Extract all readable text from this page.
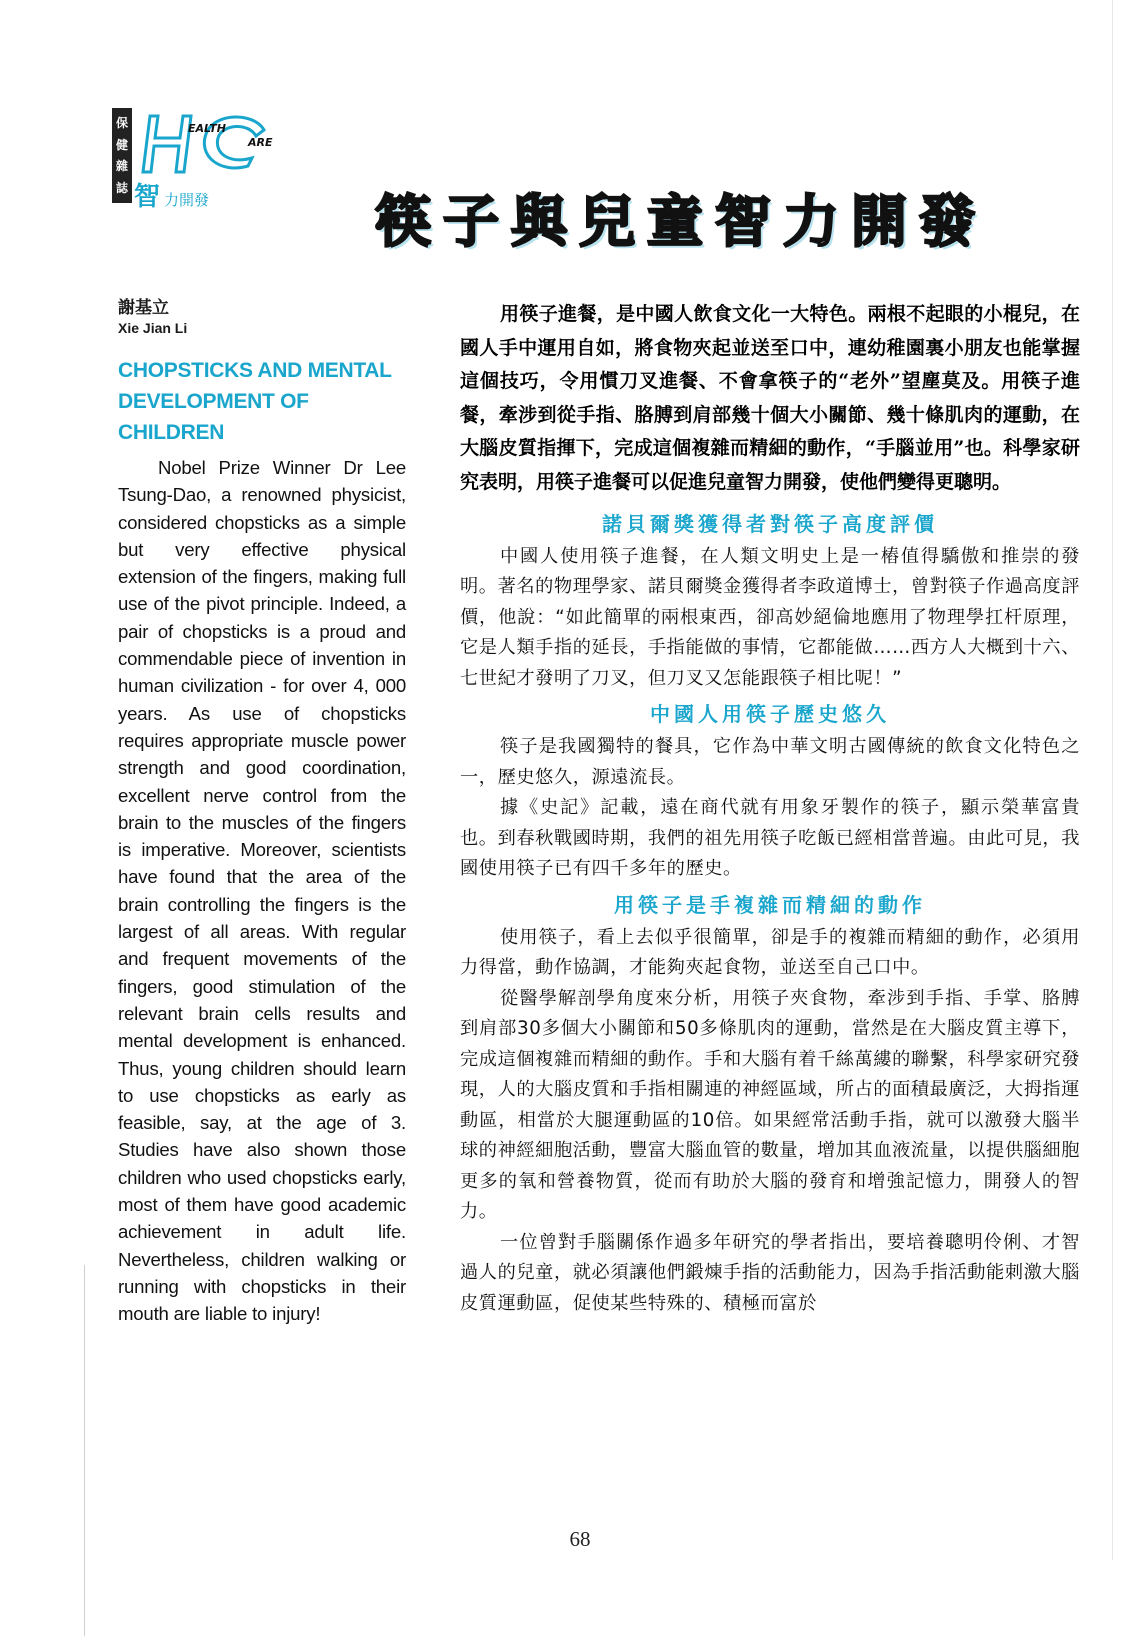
保
健
雜
誌
EALTH
ARE
智 力開發	筷子與兒童智力開發
謝基立
Xie Jian Li
CHOPSTICKS AND MENTAL DEVELOPMENT OF CHILDREN

Nobel Prize Winner Dr Lee Tsung-Dao, a renowned physicist, considered chopsticks as a simple but very effective physical extension of the fingers, making full use of the pivot principle. Indeed, a pair of chopsticks is a proud and commendable piece of invention in human civilization - for over 4, 000 years. As use of chopsticks requires appropriate muscle power strength and good coordination, excellent nerve control from the brain to the muscles of the fingers is imperative. Moreover, scientists have found that the area of the brain controlling the fingers is the largest of all areas. With regular and frequent movements of the fingers, good stimulation of the relevant brain cells results and mental development is enhanced. Thus, young children should learn to use chopsticks as early as feasible, say, at the age of 3. Studies have also shown those children who used chopsticks early, most of them have good academic achievement in adult life. Nevertheless, children walking or running with chopsticks in their mouth are liable to injury!

用筷子進餐，是中國人飲食文化一大特色。兩根不起眼的小棍兒，在國人手中運用自如，將食物夾起並送至口中，連幼稚園裏小朋友也能掌握這個技巧，令用慣刀叉進餐、不會拿筷子的“老外”望塵莫及。用筷子進餐，牽涉到從手指、胳膊到肩部幾十個大小關節、幾十條肌肉的運動，在大腦皮質指揮下，完成這個複雜而精細的動作，“手腦並用”也。科學家研究表明，用筷子進餐可以促進兒童智力開發，使他們變得更聰明。

諾貝爾獎獲得者對筷子高度評價

中國人使用筷子進餐，在人類文明史上是一樁值得驕傲和推崇的發明。著名的物理學家、諾貝爾獎金獲得者李政道博士，曾對筷子作過高度評價，他說：“如此簡單的兩根東西，卻高妙絕倫地應用了物理學扛杆原理，它是人類手指的延長，手指能做的事情，它都能做……西方人大概到十六、七世紀才發明了刀叉，但刀叉又怎能跟筷子相比呢！”

中國人用筷子歷史悠久

筷子是我國獨特的餐具，它作為中華文明古國傳統的飲食文化特色之一，歷史悠久，源遠流長。

據《史記》記載，遠在商代就有用象牙製作的筷子，顯示榮華富貴也。到春秋戰國時期，我們的祖先用筷子吃飯已經相當普遍。由此可見，我國使用筷子已有四千多年的歷史。

用筷子是手複雜而精細的動作

使用筷子，看上去似乎很簡單，卻是手的複雜而精細的動作，必須用力得當，動作協調，才能夠夾起食物，並送至自己口中。

從醫學解剖學角度來分析，用筷子夾食物，牽涉到手指、手掌、胳膊到肩部30多個大小關節和50多條肌肉的運動，當然是在大腦皮質主導下，完成這個複雜而精細的動作。手和大腦有着千絲萬縷的聯繫，科學家研究發現，人的大腦皮質和手指相關連的神經區域，所占的面積最廣泛，大拇指運動區，相當於大腿運動區的10倍。如果經常活動手指，就可以激發大腦半球的神經細胞活動，豐富大腦血管的數量，增加其血液流量，以提供腦細胞更多的氧和營養物質，從而有助於大腦的發育和增強記憶力，開發人的智力。

一位曾對手腦關係作過多年研究的學者指出，要培養聰明伶俐、才智過人的兒童，就必須讓他們鍛煉手指的活動能力，因為手指活動能刺激大腦皮質運動區，促使某些特殊的、積極而富於

68
